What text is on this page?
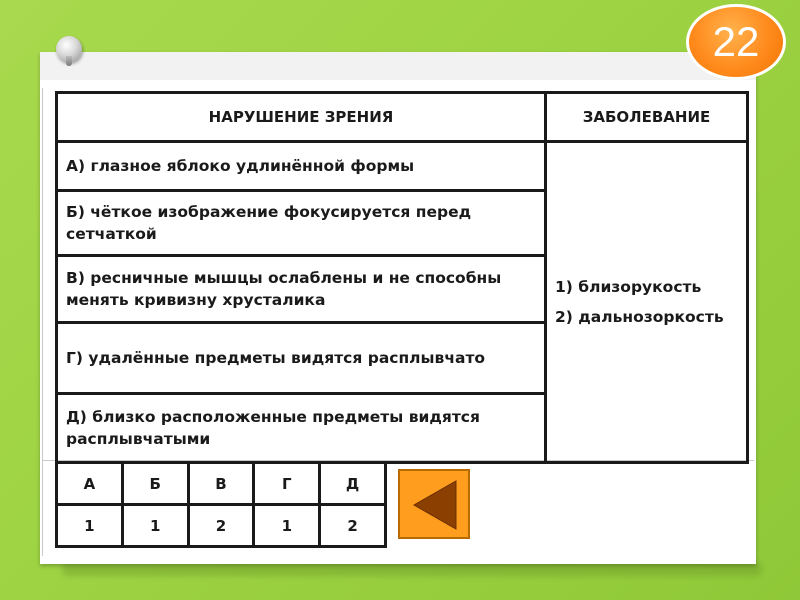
22
НАРУШЕНИЕ ЗРЕНИЯ	ЗАБОЛЕВАНИЕ
А) глазное яблоко удлинённой формы	1) близорукость
2) дальнозоркость

Б) чёткое изображение фокусируется перед сетчаткой	
В) ресничные мышцы ослаблены и не способны менять кривизну хрусталика	
Г) удалённые предметы видятся расплывчато	
Д) близко расположенные предметы видятся расплывчатыми	
А	Б	В	Г	Д
1	1	2	1	2
